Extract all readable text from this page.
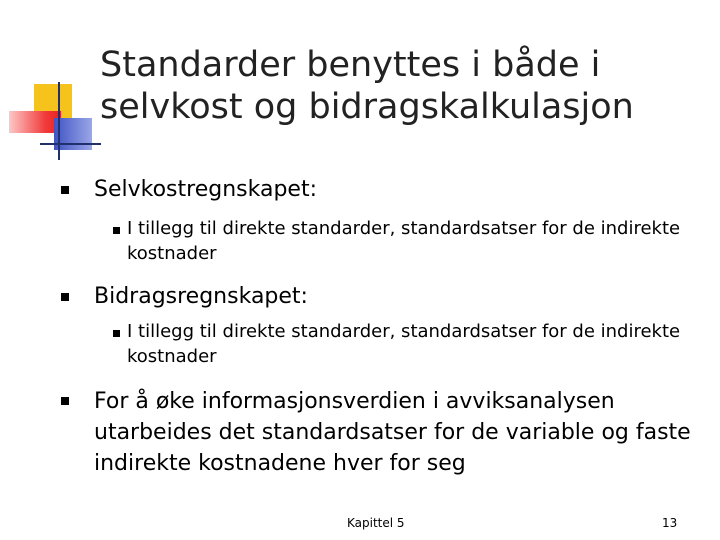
Standarder benyttes i både i selvkost og bidragskalkulasjon
Selvkostregnskapet:
I tillegg til direkte standarder, standardsatser for de indirekte kostnader
Bidragsregnskapet:
I tillegg til direkte standarder, standardsatser for de indirekte kostnader
For å øke informasjonsverdien i avviksanalysen utarbeides det standardsatser for de variable og faste indirekte kostnadene hver for seg
Kapittel 5	13
